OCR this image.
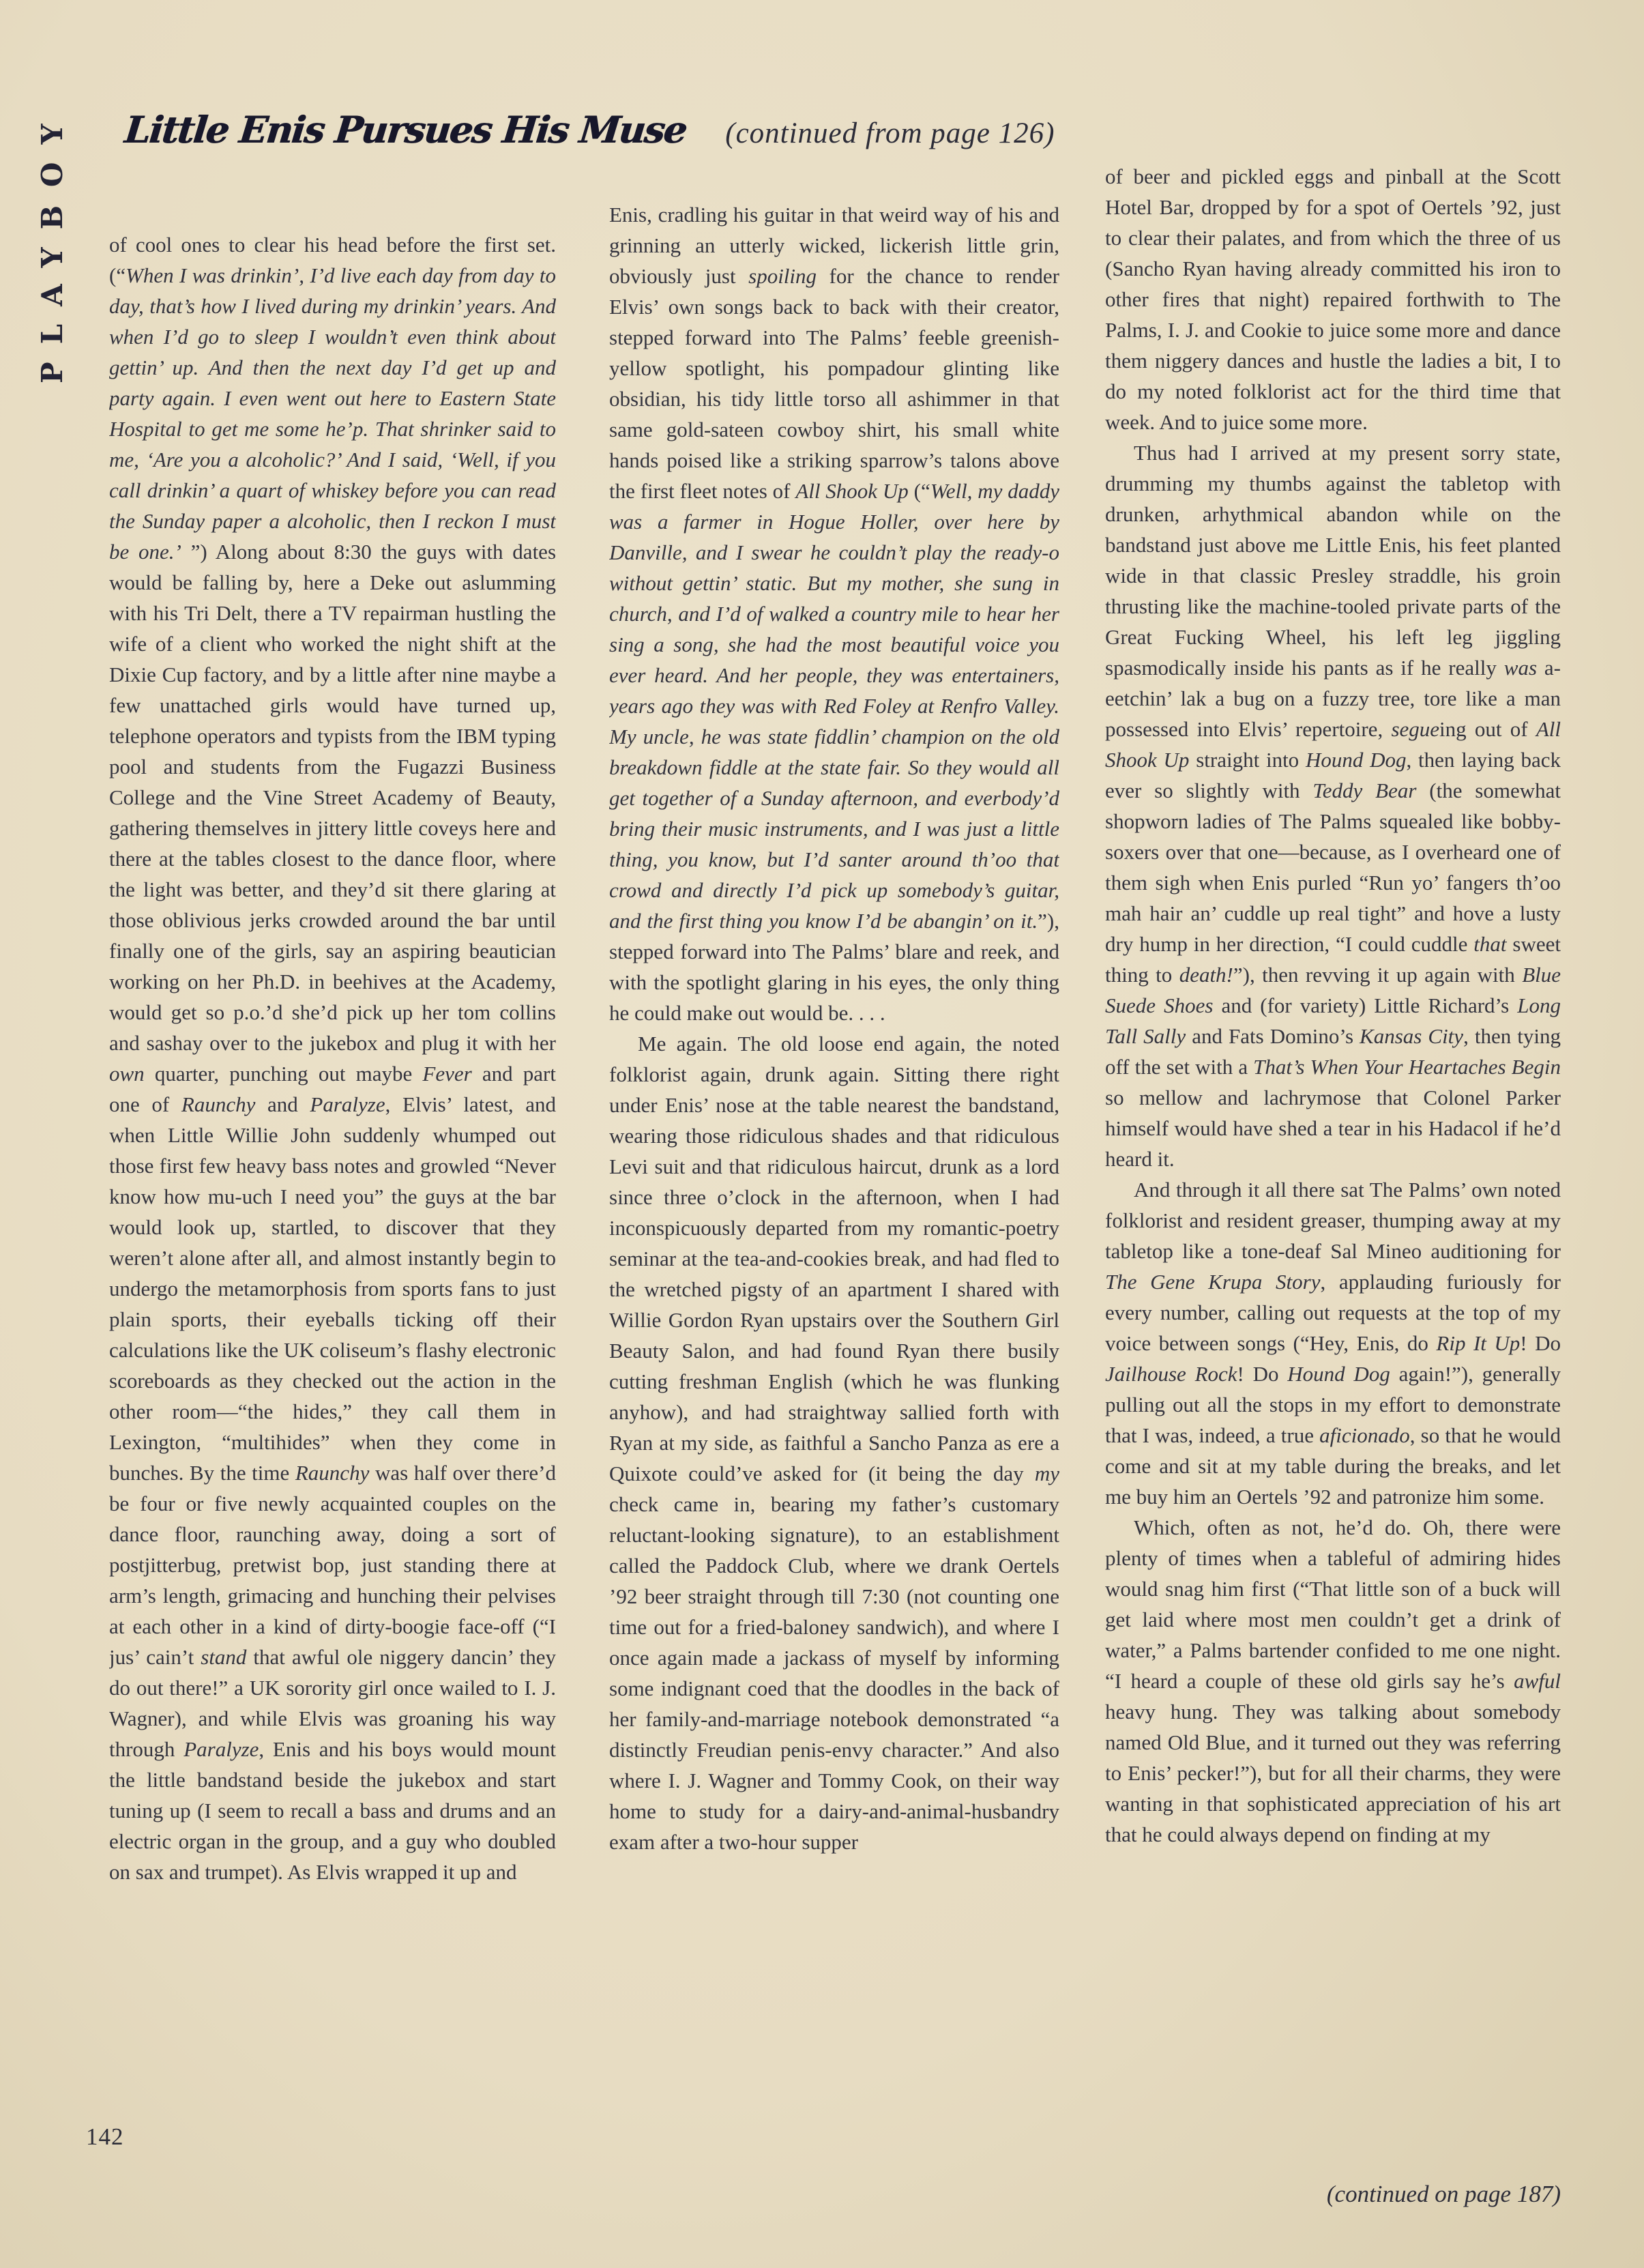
PLAYBOY Little Enis Pursues His Muse (continued from page 126)

of cool ones to clear his head before the first set. (“When I was drinkin’, I’d live each day from day to day, that’s how I lived during my drinkin’ years. And when I’d go to sleep I wouldn’t even think about gettin’ up. And then the next day I’d get up and party again. I even went out here to Eastern State Hospital to get me some he’p. That shrinker said to me, ‘Are you a alcoholic?’ And I said, ‘Well, if you call drinkin’ a quart of whiskey before you can read the Sunday paper a alcoholic, then I reckon I must be one.’ ”) Along about 8:30 the guys with dates would be falling by, here a Deke out aslumming with his Tri Delt, there a TV repairman hustling the wife of a client who worked the night shift at the Dixie Cup factory, and by a little after nine maybe a few unattached girls would have turned up, telephone operators and typists from the IBM typing pool and students from the Fugazzi Business College and the Vine Street Academy of Beauty, gathering themselves in jittery little coveys here and there at the tables closest to the dance floor, where the light was better, and they’d sit there glaring at those oblivious jerks crowded around the bar until finally one of the girls, say an aspiring beautician working on her Ph.D. in beehives at the Academy, would get so p.o.’d she’d pick up her tom collins and sashay over to the jukebox and plug it with her own quarter, punching out maybe Fever and part one of Raunchy and Paralyze, Elvis’ latest, and when Little Willie John suddenly whumped out those first few heavy bass notes and growled “Never know how mu-uch I need you” the guys at the bar would look up, startled, to discover that they weren’t alone after all, and almost instantly begin to undergo the metamorphosis from sports fans to just plain sports, their eyeballs ticking off their calculations like the UK coliseum’s flashy electronic scoreboards as they checked out the action in the other room—“the hides,” they call them in Lexington, “multihides” when they come in bunches. By the time Raunchy was half over there’d be four or five newly acquainted couples on the dance floor, raunching away, doing a sort of postjitterbug, pretwist bop, just standing there at arm’s length, grimacing and hunching their pelvises at each other in a kind of dirty-boogie face-off (“I jus’ cain’t stand that awful ole niggery dancin’ they do out there!” a UK sorority girl once wailed to I. J. Wagner), and while Elvis was groaning his way through Paralyze, Enis and his boys would mount the little bandstand beside the jukebox and start tuning up (I seem to recall a bass and drums and an electric organ in the group, and a guy who doubled on sax and trumpet). As Elvis wrapped it up and

Enis, cradling his guitar in that weird way of his and grinning an utterly wicked, lickerish little grin, obviously just spoiling for the chance to render Elvis’ own songs back to back with their creator, stepped forward into The Palms’ feeble greenish-yellow spotlight, his pompadour glinting like obsidian, his tidy little torso all ashimmer in that same gold-sateen cowboy shirt, his small white hands poised like a striking sparrow’s talons above the first fleet notes of All Shook Up (“Well, my daddy was a farmer in Hogue Holler, over here by Danville, and I swear he couldn’t play the ready-o without gettin’ static. But my mother, she sung in church, and I’d of walked a country mile to hear her sing a song, she had the most beautiful voice you ever heard. And her people, they was entertainers, years ago they was with Red Foley at Renfro Valley. My uncle, he was state fiddlin’ champion on the old breakdown fiddle at the state fair. So they would all get together of a Sunday afternoon, and everbody’d bring their music instruments, and I was just a little thing, you know, but I’d santer around th’oo that crowd and directly I’d pick up somebody’s guitar, and the first thing you know I’d be abangin’ on it.”), stepped forward into The Palms’ blare and reek, and with the spotlight glaring in his eyes, the only thing he could make out would be. . . .

Me again. The old loose end again, the noted folklorist again, drunk again. Sitting there right under Enis’ nose at the table nearest the bandstand, wearing those ridiculous shades and that ridiculous Levi suit and that ridiculous haircut, drunk as a lord since three o’clock in the afternoon, when I had inconspicuously departed from my romantic-poetry seminar at the tea-and-cookies break, and had fled to the wretched pigsty of an apartment I shared with Willie Gordon Ryan upstairs over the Southern Girl Beauty Salon, and had found Ryan there busily cutting freshman English (which he was flunking anyhow), and had straightway sallied forth with Ryan at my side, as faithful a Sancho Panza as ere a Quixote could’ve asked for (it being the day my check came in, bearing my father’s customary reluctant-looking signature), to an establishment called the Paddock Club, where we drank Oertels ’92 beer straight through till 7:30 (not counting one time out for a fried-baloney sandwich), and where I once again made a jackass of myself by informing some indignant coed that the doodles in the back of her family-and-marriage notebook demonstrated “a distinctly Freudian penis-envy character.” And also where I. J. Wagner and Tommy Cook, on their way home to study for a dairy-and-animal-husbandry exam after a two-hour supper

of beer and pickled eggs and pinball at the Scott Hotel Bar, dropped by for a spot of Oertels ’92, just to clear their palates, and from which the three of us (Sancho Ryan having already committed his iron to other fires that night) repaired forthwith to The Palms, I. J. and Cookie to juice some more and dance them niggery dances and hustle the ladies a bit, I to do my noted folklorist act for the third time that week. And to juice some more.

Thus had I arrived at my present sorry state, drumming my thumbs against the tabletop with drunken, arhythmical abandon while on the bandstand just above me Little Enis, his feet planted wide in that classic Presley straddle, his groin thrusting like the machine-tooled private parts of the Great Fucking Wheel, his left leg jiggling spasmodically inside his pants as if he really was a-eetchin’ lak a bug on a fuzzy tree, tore like a man possessed into Elvis’ repertoire, segueing out of All Shook Up straight into Hound Dog, then laying back ever so slightly with Teddy Bear (the somewhat shopworn ladies of The Palms squealed like bobby-soxers over that one—because, as I overheard one of them sigh when Enis purled “Run yo’ fangers th’oo mah hair an’ cuddle up real tight” and hove a lusty dry hump in her direction, “I could cuddle that sweet thing to death!”), then revving it up again with Blue Suede Shoes and (for variety) Little Richard’s Long Tall Sally and Fats Domino’s Kansas City, then tying off the set with a That’s When Your Heartaches Begin so mellow and lachrymose that Colonel Parker himself would have shed a tear in his Hadacol if he’d heard it.

And through it all there sat The Palms’ own noted folklorist and resident greaser, thumping away at my tabletop like a tone-deaf Sal Mineo auditioning for The Gene Krupa Story, applauding furiously for every number, calling out requests at the top of my voice between songs (“Hey, Enis, do Rip It Up! Do Jailhouse Rock! Do Hound Dog again!”), generally pulling out all the stops in my effort to demonstrate that I was, indeed, a true aficionado, so that he would come and sit at my table during the breaks, and let me buy him an Oertels ’92 and patronize him some.

Which, often as not, he’d do. Oh, there were plenty of times when a tableful of admiring hides would snag him first (“That little son of a buck will get laid where most men couldn’t get a drink of water,” a Palms bartender confided to me one night. “I heard a couple of these old girls say he’s awful heavy hung. They was talking about somebody named Old Blue, and it turned out they was referring to Enis’ pecker!”), but for all their charms, they were wanting in that sophisticated appreciation of his art that he could always depend on finding at my

142
(continued on page 187)
